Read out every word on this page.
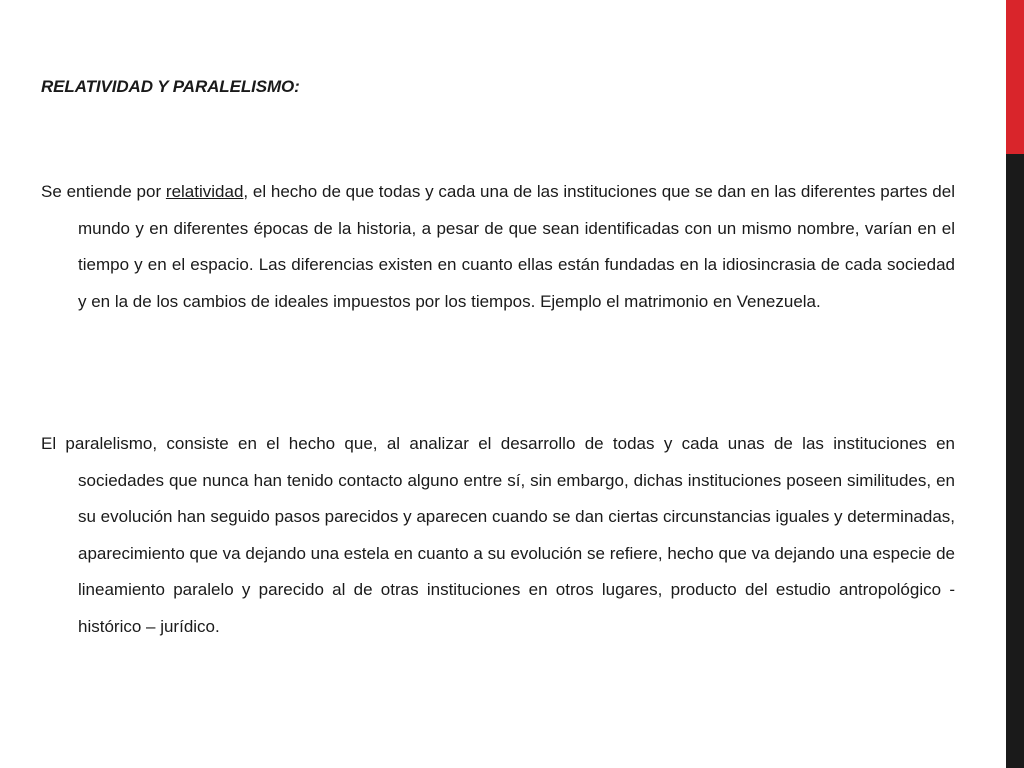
RELATIVIDAD Y PARALELISMO:

Se entiende por relatividad, el hecho de que todas y cada una de las instituciones que se dan en las diferentes partes del mundo y en diferentes épocas de la historia, a pesar de que sean identificadas con un mismo nombre, varían en el tiempo y en el espacio. Las diferencias existen en cuanto ellas están fundadas en la idiosincrasia de cada sociedad y en la de los cambios de ideales impuestos por los tiempos. Ejemplo el matrimonio en Venezuela.

El paralelismo, consiste en el hecho que, al analizar el desarrollo de todas y cada unas de las instituciones en sociedades que nunca han tenido contacto alguno entre sí, sin embargo, dichas instituciones poseen similitudes, en su evolución han seguido pasos parecidos y aparecen cuando se dan ciertas circunstancias iguales y determinadas, aparecimiento que va dejando una estela en cuanto a su evolución se refiere, hecho que va dejando una especie de lineamiento paralelo y parecido al de otras instituciones en otros lugares, producto del estudio antropológico - histórico – jurídico.
